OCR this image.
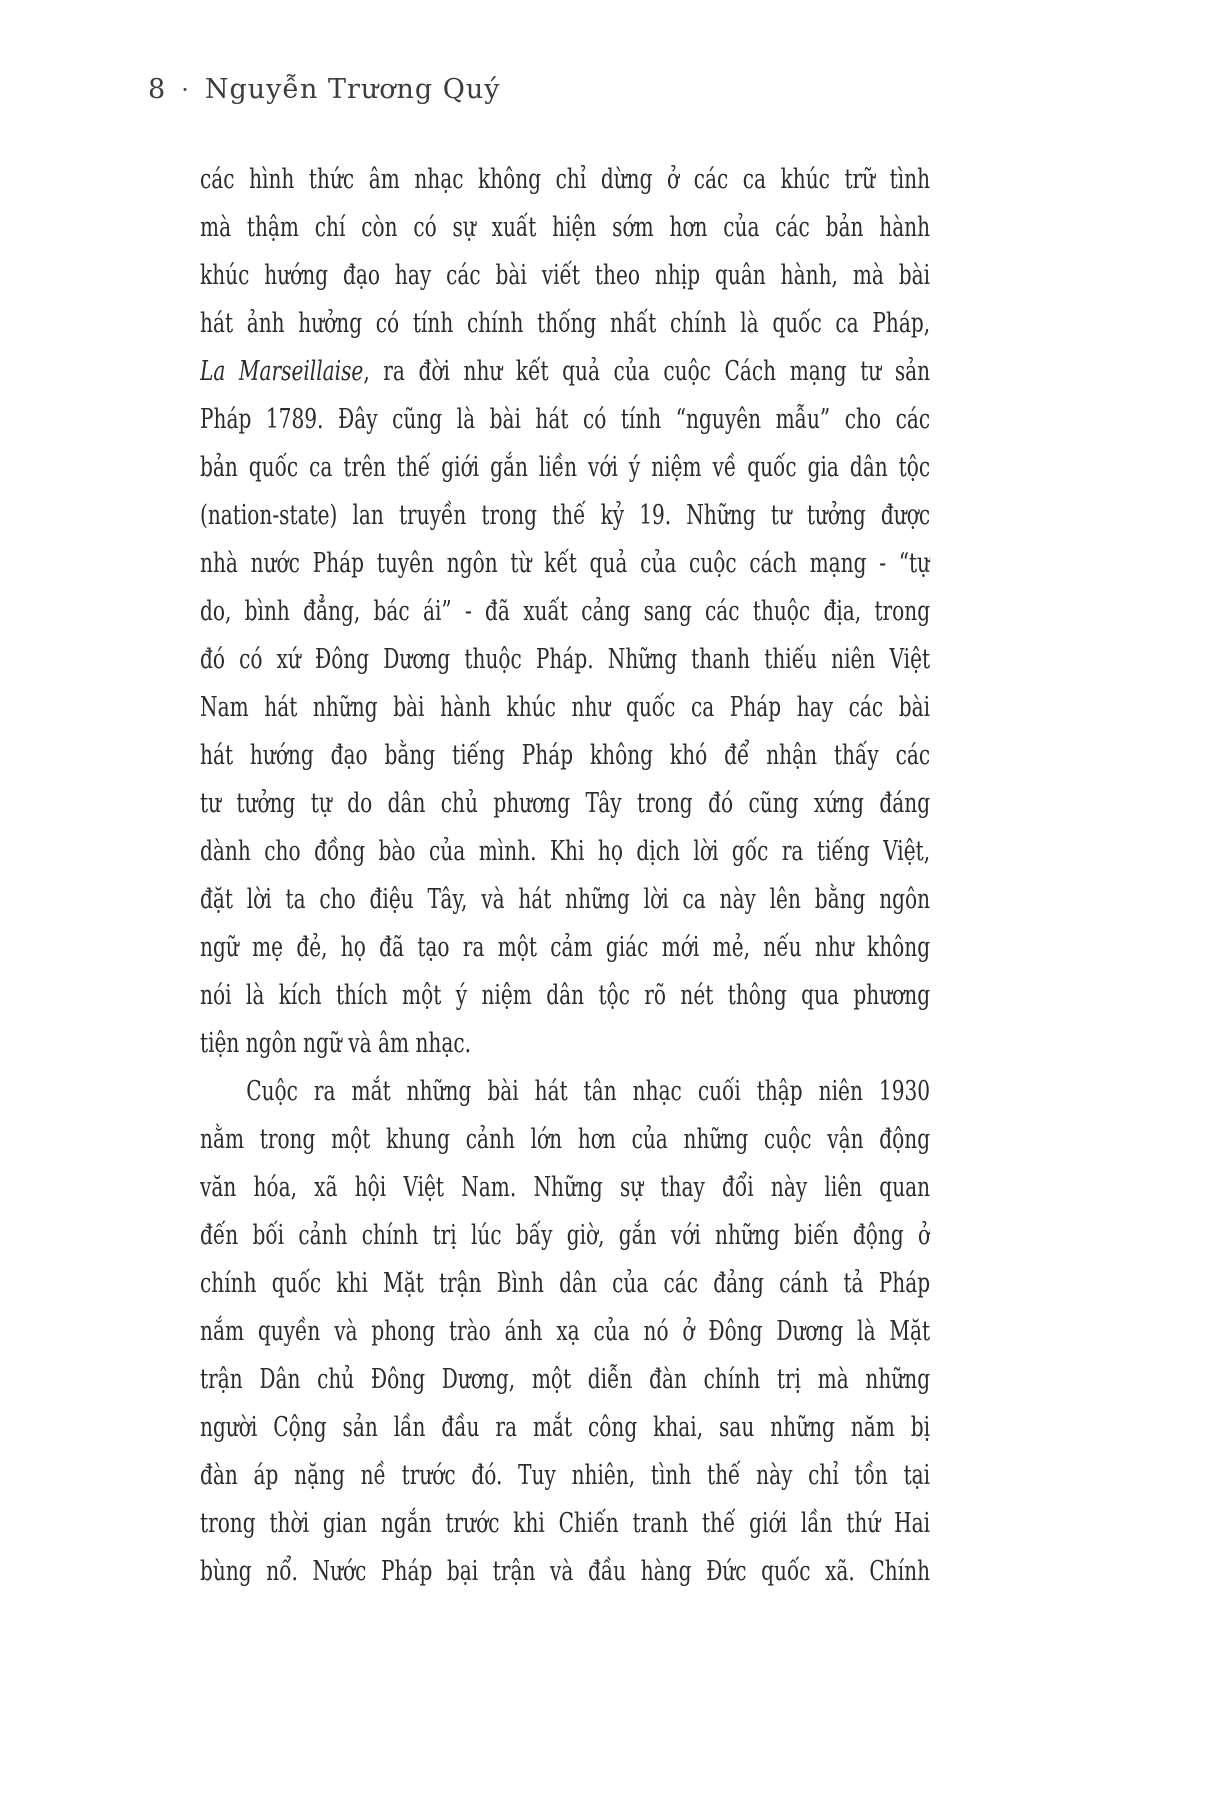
8 · Nguyễn Trương Quý
các hình thức âm nhạc không chỉ dừng ở các ca khúc trữ tình
mà thậm chí còn có sự xuất hiện sớm hơn của các bản hành
khúc hướng đạo hay các bài viết theo nhịp quân hành, mà bài
hát ảnh hưởng có tính chính thống nhất chính là quốc ca Pháp,
La Marseillaise, ra đời như kết quả của cuộc Cách mạng tư sản
Pháp 1789. Đây cũng là bài hát có tính “nguyên mẫu” cho các
bản quốc ca trên thế giới gắn liền với ý niệm về quốc gia dân tộc
(nation-state) lan truyền trong thế kỷ 19. Những tư tưởng được
nhà nước Pháp tuyên ngôn từ kết quả của cuộc cách mạng - “tự
do, bình đẳng, bác ái” - đã xuất cảng sang các thuộc địa, trong
đó có xứ Đông Dương thuộc Pháp. Những thanh thiếu niên Việt
Nam hát những bài hành khúc như quốc ca Pháp hay các bài
hát hướng đạo bằng tiếng Pháp không khó để nhận thấy các
tư tưởng tự do dân chủ phương Tây trong đó cũng xứng đáng
dành cho đồng bào của mình. Khi họ dịch lời gốc ra tiếng Việt,
đặt lời ta cho điệu Tây, và hát những lời ca này lên bằng ngôn
ngữ mẹ đẻ, họ đã tạo ra một cảm giác mới mẻ, nếu như không
nói là kích thích một ý niệm dân tộc rõ nét thông qua phương
tiện ngôn ngữ và âm nhạc.
Cuộc ra mắt những bài hát tân nhạc cuối thập niên 1930
nằm trong một khung cảnh lớn hơn của những cuộc vận động
văn hóa, xã hội Việt Nam. Những sự thay đổi này liên quan
đến bối cảnh chính trị lúc bấy giờ, gắn với những biến động ở
chính quốc khi Mặt trận Bình dân của các đảng cánh tả Pháp
nắm quyền và phong trào ánh xạ của nó ở Đông Dương là Mặt
trận Dân chủ Đông Dương, một diễn đàn chính trị mà những
người Cộng sản lần đầu ra mắt công khai, sau những năm bị
đàn áp nặng nề trước đó. Tuy nhiên, tình thế này chỉ tồn tại
trong thời gian ngắn trước khi Chiến tranh thế giới lần thứ Hai
bùng nổ. Nước Pháp bại trận và đầu hàng Đức quốc xã. Chính
